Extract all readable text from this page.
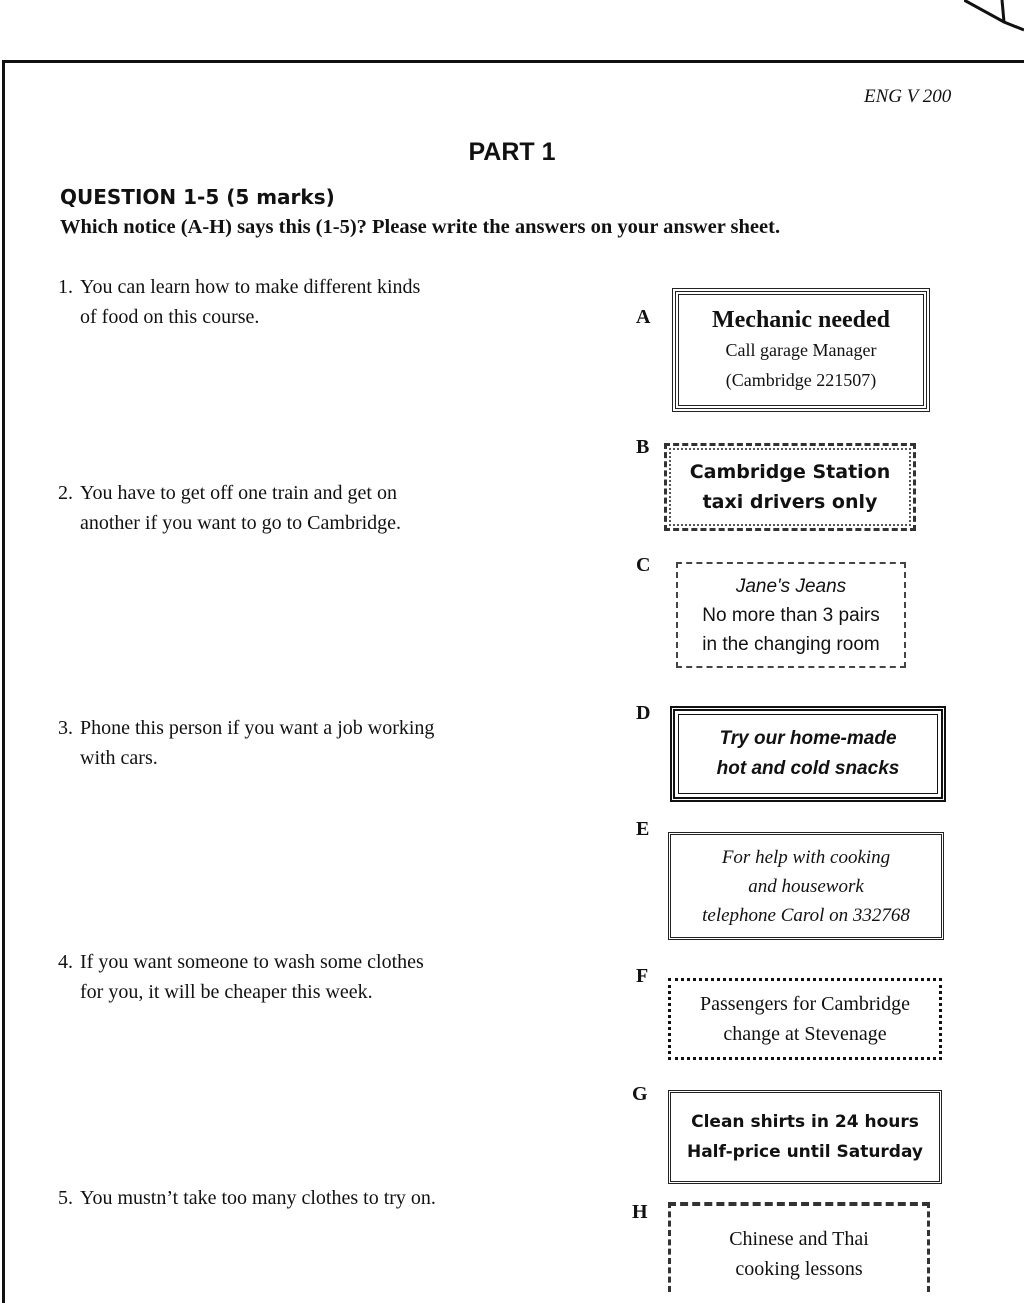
ENG V 200
PART 1
QUESTION 1-5 (5 marks)
Which notice (A-H) says this (1-5)? Please write the answers on your answer sheet.
1. You can learn how to make different kinds
of food on this course.
2. You have to get off one train and get on
another if you want to go to Cambridge.
3. Phone this person if you want a job working
with cars.
4. If you want someone to wash some clothes
for you, it will be cheaper this week.
5. You mustn’t take too many clothes to try on.
A
B
C
D
E
F
G
H
Mechanic needed
Call garage Manager
(Cambridge 221507)
Cambridge Station
taxi drivers only
Jane's Jeans
No more than 3 pairs
in the changing room
Try our home-made
hot and cold snacks
For help with cooking
and housework
telephone Carol on 332768
Passengers for Cambridge
change at Stevenage
Clean shirts in 24 hours
Half-price until Saturday
Chinese and Thai
cooking lessons
